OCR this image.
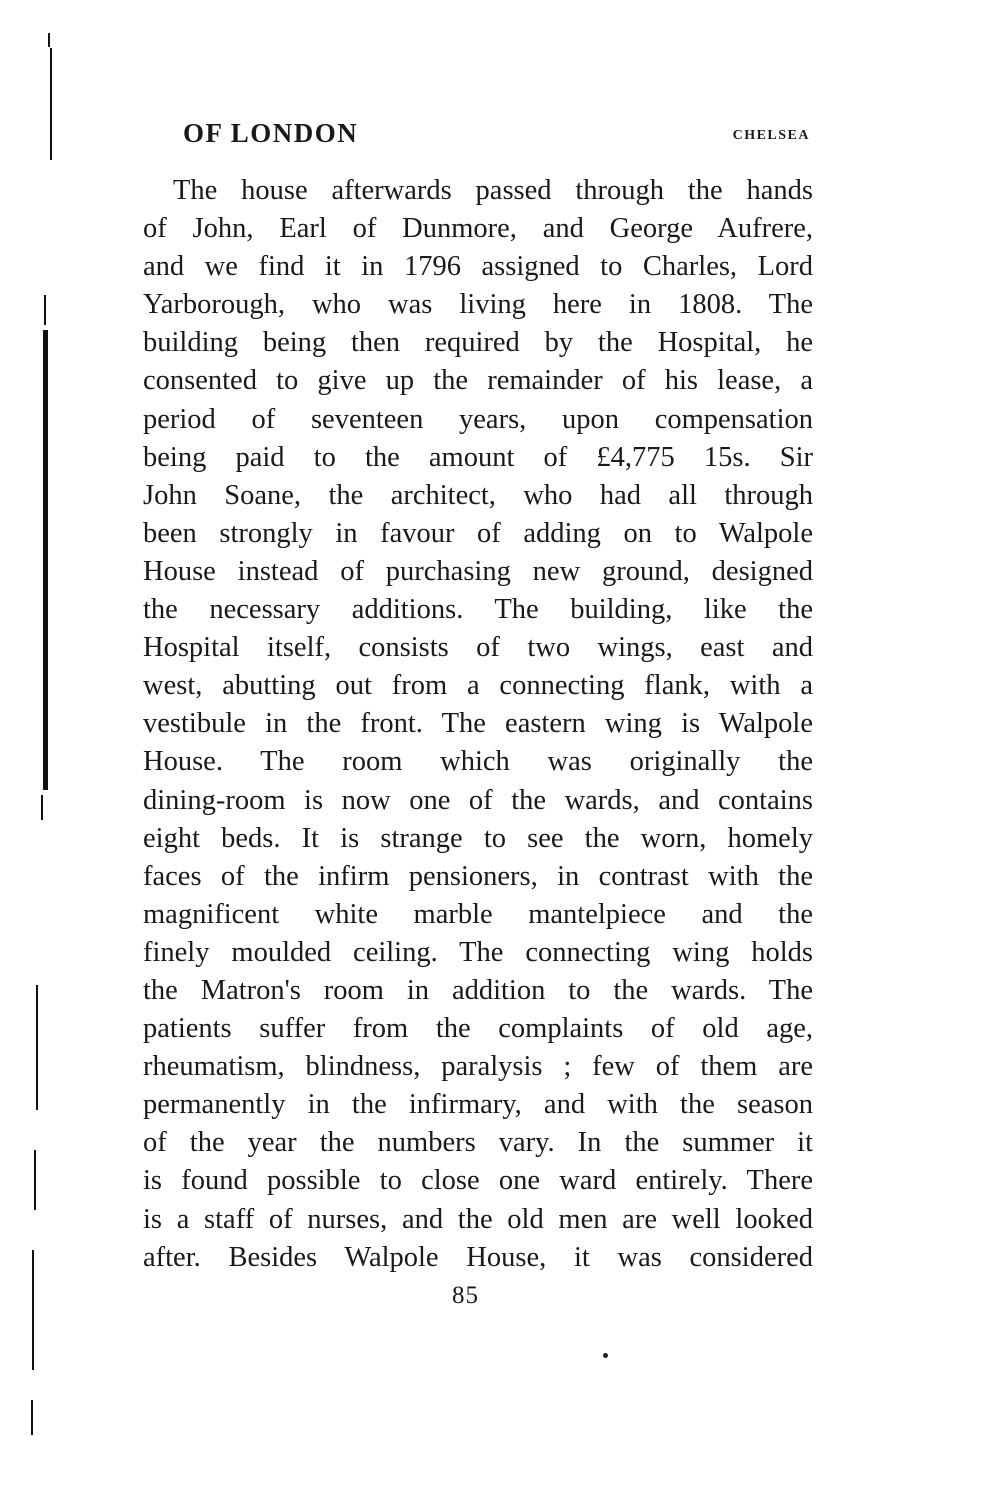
OF LONDON	CHELSEA
The house afterwards passed through the hands
of John, Earl of Dunmore, and George Aufrere,
and we find it in 1796 assigned to Charles, Lord
Yarborough, who was living here in 1808. The
building being then required by the Hospital, he
consented to give up the remainder of his lease, a
period of seventeen years, upon compensation
being paid to the amount of £4,775 15s. Sir
John Soane, the architect, who had all through
been strongly in favour of adding on to Walpole
House instead of purchasing new ground, designed
the necessary additions. The building, like the
Hospital itself, consists of two wings, east and
west, abutting out from a connecting flank, with a
vestibule in the front. The eastern wing is Walpole
House. The room which was originally the
dining-room is now one of the wards, and contains
eight beds. It is strange to see the worn, homely
faces of the infirm pensioners, in contrast with the
magnificent white marble mantelpiece and the
finely moulded ceiling. The connecting wing holds
the Matron's room in addition to the wards. The
patients suffer from the complaints of old age,
rheumatism, blindness, paralysis ; few of them are
permanently in the infirmary, and with the season
of the year the numbers vary. In the summer it
is found possible to close one ward entirely. There
is a staff of nurses, and the old men are well looked
after. Besides Walpole House, it was considered
85
